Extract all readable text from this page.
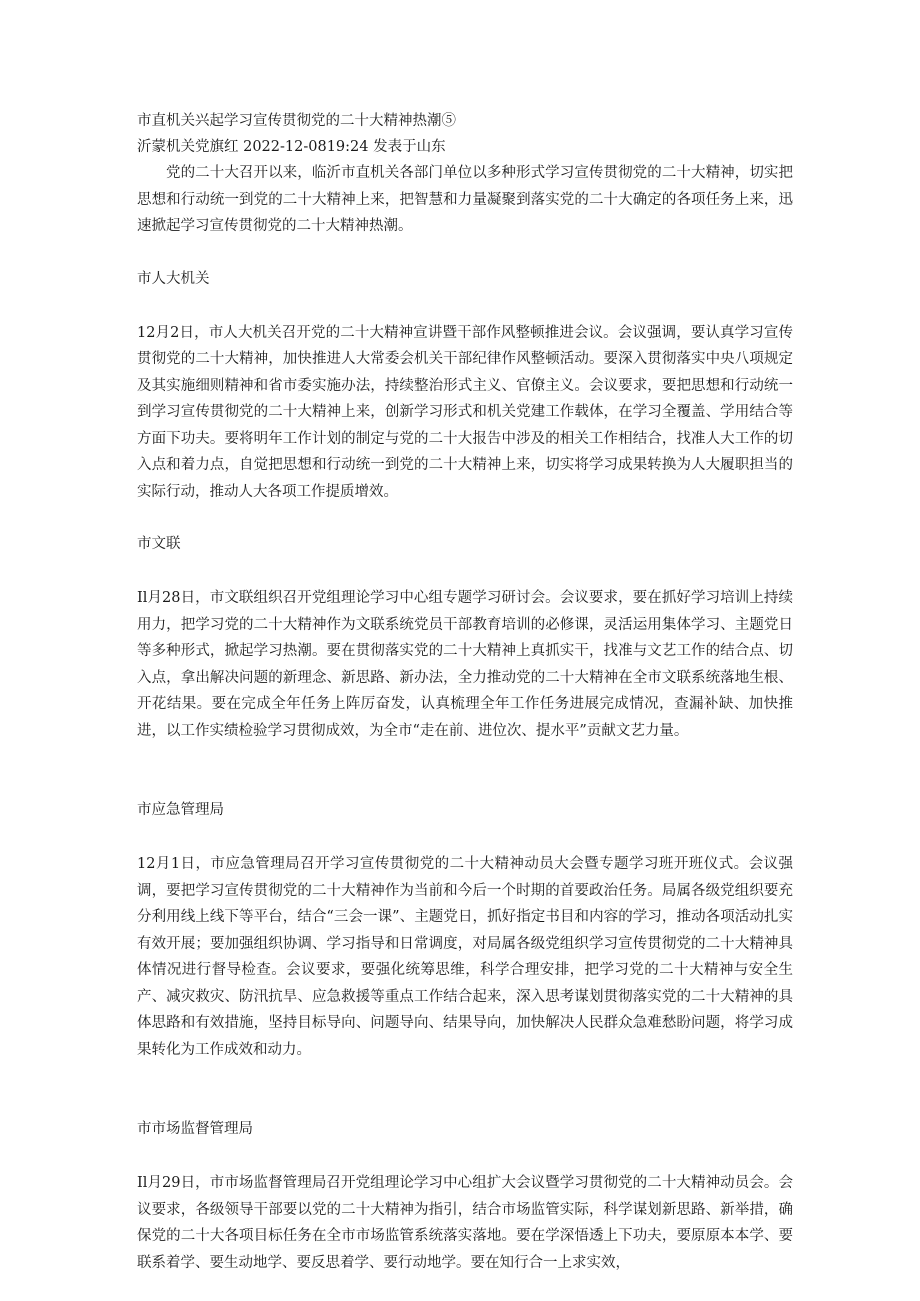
市直机关兴起学习宣传贯彻党的二十大精神热潮⑤

沂蒙机关党旗红 2022-12-0819:24 发表于山东

党的二十大召开以来，临沂市直机关各部门单位以多种形式学习宣传贯彻党的二十大精神，切实把思想和行动统一到党的二十大精神上来，把智慧和力量凝聚到落实党的二十大确定的各项任务上来，迅速掀起学习宣传贯彻党的二十大精神热潮。

市人大机关

12月2日，市人大机关召开党的二十大精神宣讲暨干部作风整顿推进会议。会议强调，要认真学习宣传贯彻党的二十大精神，加快推进人大常委会机关干部纪律作风整顿活动。要深入贯彻落实中央八项规定及其实施细则精神和省市委实施办法，持续整治形式主义、官僚主义。会议要求，要把思想和行动统一到学习宣传贯彻党的二十大精神上来，创新学习形式和机关党建工作载体，在学习全覆盖、学用结合等方面下功夫。要将明年工作计划的制定与党的二十大报告中涉及的相关工作相结合，找准人大工作的切入点和着力点，自觉把思想和行动统一到党的二十大精神上来，切实将学习成果转换为人大履职担当的实际行动，推动人大各项工作提质增效。

市文联

Il月28日，市文联组织召开党组理论学习中心组专题学习研讨会。会议要求，要在抓好学习培训上持续用力，把学习党的二十大精神作为文联系统党员干部教育培训的必修课，灵活运用集体学习、主题党日等多种形式，掀起学习热潮。要在贯彻落实党的二十大精神上真抓实干，找准与文艺工作的结合点、切入点，拿出解决问题的新理念、新思路、新办法，全力推动党的二十大精神在全市文联系统落地生根、开花结果。要在完成全年任务上阵厉奋发，认真梳理全年工作任务进展完成情况，查漏补缺、加快推进，以工作实绩检验学习贯彻成效，为全市“走在前、进位次、提水平”贡献文艺力量。

市应急管理局

12月1日，市应急管理局召开学习宣传贯彻党的二十大精神动员大会暨专题学习班开班仪式。会议强调，要把学习宣传贯彻党的二十大精神作为当前和今后一个时期的首要政治任务。局属各级党组织要充分利用线上线下等平台，结合“三会一课”、主题党日，抓好指定书目和内容的学习，推动各项活动扎实有效开展；要加强组织协调、学习指导和日常调度，对局属各级党组织学习宣传贯彻党的二十大精神具体情况进行督导检查。会议要求，要强化统筹思维，科学合理安排，把学习党的二十大精神与安全生产、减灾救灾、防汛抗旱、应急救援等重点工作结合起来，深入思考谋划贯彻落实党的二十大精神的具体思路和有效措施，坚持目标导向、问题导向、结果导向，加快解决人民群众急难愁盼问题，将学习成果转化为工作成效和动力。

市市场监督管理局

Il月29日，市市场监督管理局召开党组理论学习中心组扩大会议暨学习贯彻党的二十大精神动员会。会议要求，各级领导干部要以党的二十大精神为指引，结合市场监管实际，科学谋划新思路、新举措，确保党的二十大各项目标任务在全市市场监管系统落实落地。要在学深悟透上下功夫，要原原本本学、要联系着学、要生动地学、要反思着学、要行动地学。要在知行合一上求实效，
